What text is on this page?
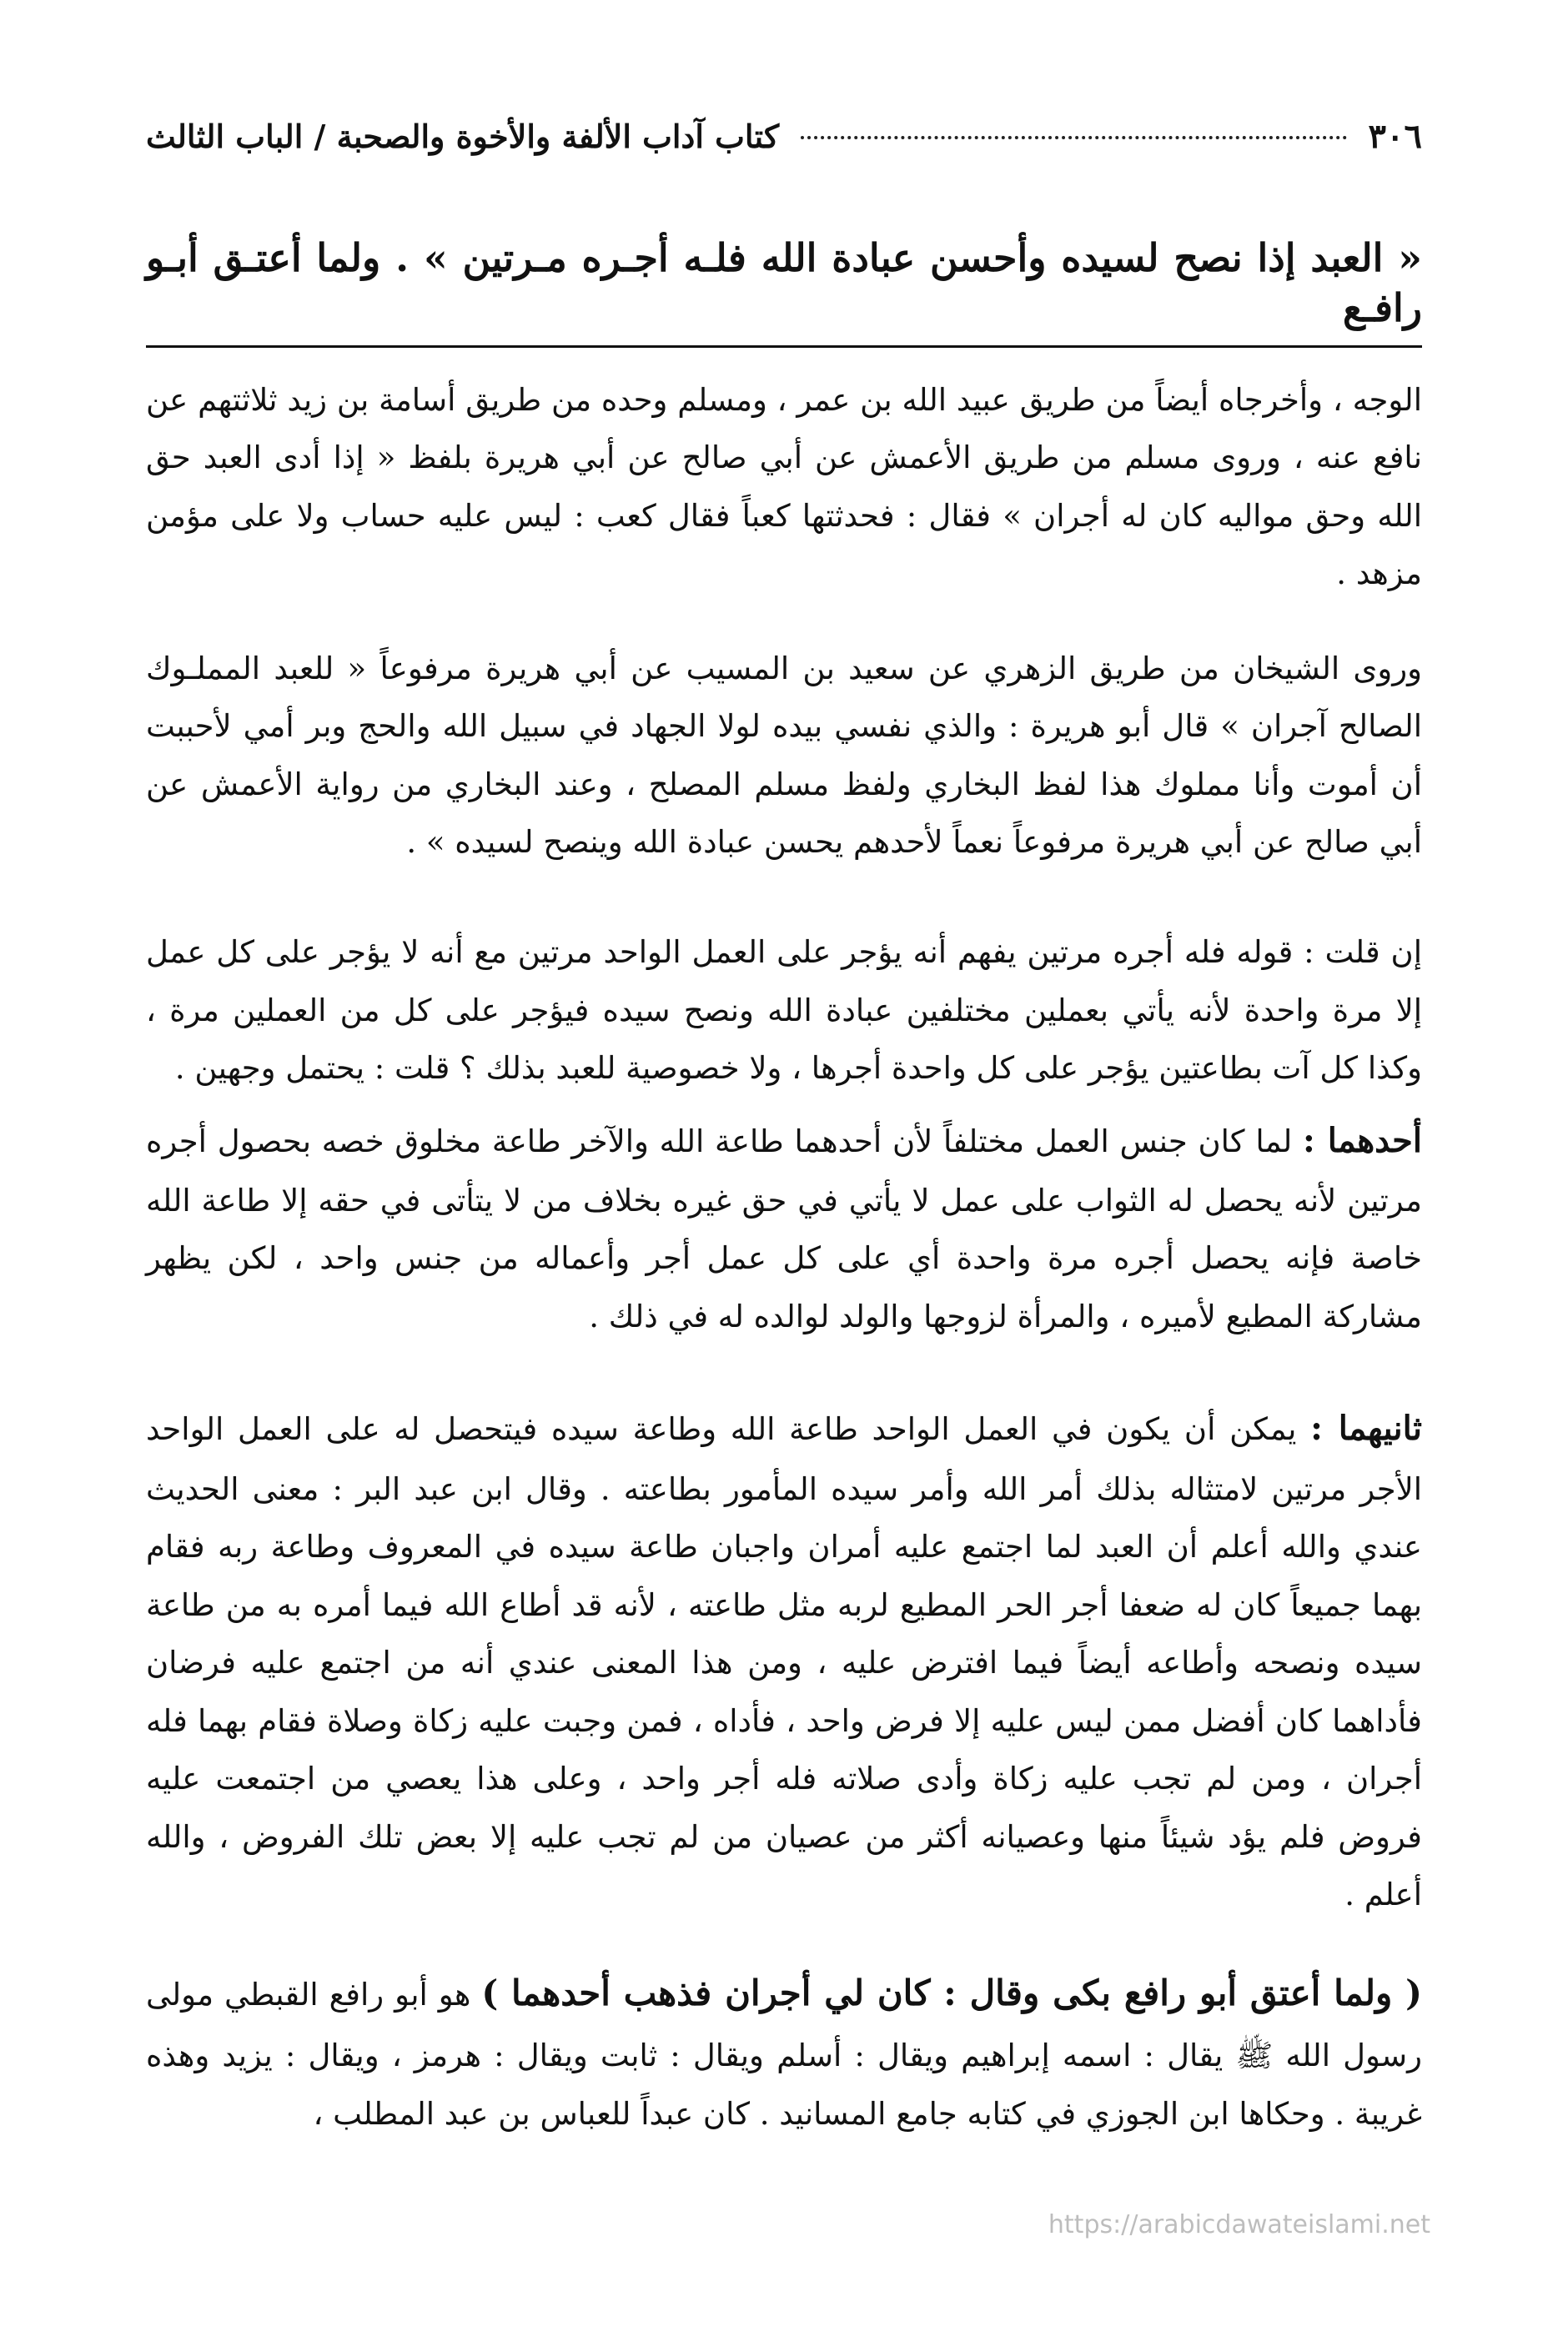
٣٠٦
كتاب آداب الألفة والأخوة والصحبة / الباب الثالث
« العبد إذا نصح لسيده وأحسن عبادة الله فلـه أجـره مـرتين » . ولما أعتـق أبـو رافـع

الوجه ، وأخرجاه أيضاً من طريق عبيد الله بن عمر ، ومسلم وحده من طريق أسامة بن زيد ثلاثتهم عن نافع عنه ، وروى مسلم من طريق الأعمش عن أبي صالح عن أبي هريرة بلفظ « إذا أدى العبد حق الله وحق مواليه كان له أجران » فقال : فحدثتها كعباً فقال كعب : ليس عليه حساب ولا على مؤمن مزهد .

وروى الشيخان من طريق الزهري عن سعيد بن المسيب عن أبي هريرة مرفوعاً « للعبد المملـوك الصالح آجران » قال أبو هريرة : والذي نفسي بيده لولا الجهاد في سبيل الله والحج وبر أمي لأحببت أن أموت وأنا مملوك هذا لفظ البخاري ولفظ مسلم المصلح ، وعند البخاري من رواية الأعمش عن أبي صالح عن أبي هريرة مرفوعاً نعماً لأحدهم يحسن عبادة الله وينصح لسيده » .

إن قلت : قوله فله أجره مرتين يفهم أنه يؤجر على العمل الواحد مرتين مع أنه لا يؤجر على كل عمل إلا مرة واحدة لأنه يأتي بعملين مختلفين عبادة الله ونصح سيده فيؤجر على كل من العملين مرة ، وكذا كل آت بطاعتين يؤجر على كل واحدة أجرها ، ولا خصوصية للعبد بذلك ؟ قلت : يحتمل وجهين .

أحدهما : لما كان جنس العمل مختلفاً لأن أحدهما طاعة الله والآخر طاعة مخلوق خصه بحصول أجره مرتين لأنه يحصل له الثواب على عمل لا يأتي في حق غيره بخلاف من لا يتأتى في حقه إلا طاعة الله خاصة فإنه يحصل أجره مرة واحدة أي على كل عمل أجر وأعماله من جنس واحد ، لكن يظهر مشاركة المطيع لأميره ، والمرأة لزوجها والولد لوالده له في ذلك .

ثانيهما : يمكن أن يكون في العمل الواحد طاعة الله وطاعة سيده فيتحصل له على العمل الواحد الأجر مرتين لامتثاله بذلك أمر الله وأمر سيده المأمور بطاعته . وقال ابن عبد البر : معنى الحديث عندي والله أعلم أن العبد لما اجتمع عليه أمران واجبان طاعة سيده في المعروف وطاعة ربه فقام بهما جميعاً كان له ضعفا أجر الحر المطيع لربه مثل طاعته ، لأنه قد أطاع الله فيما أمره به من طاعة سيده ونصحه وأطاعه أيضاً فيما افترض عليه ، ومن هذا المعنى عندي أنه من اجتمع عليه فرضان فأداهما كان أفضل ممن ليس عليه إلا فرض واحد ، فأداه ، فمن وجبت عليه زكاة وصلاة فقام بهما فله أجران ، ومن لم تجب عليه زكاة وأدى صلاته فله أجر واحد ، وعلى هذا يعصي من اجتمعت عليه فروض فلم يؤد شيئاً منها وعصيانه أكثر من عصيان من لم تجب عليه إلا بعض تلك الفروض ، والله أعلم .

( ولما أعتق أبو رافع بكى وقال : كان لي أجران فذهب أحدهما ) هو أبو رافع القبطي مولى رسول الله ﷺ يقال : اسمه إبراهيم ويقال : أسلم ويقال : ثابت ويقال : هرمز ، ويقال : يزيد وهذه غريبة . وحكاها ابن الجوزي في كتابه جامع المسانيد . كان عبداً للعباس بن عبد المطلب ،

https://arabicdawateislami.net
